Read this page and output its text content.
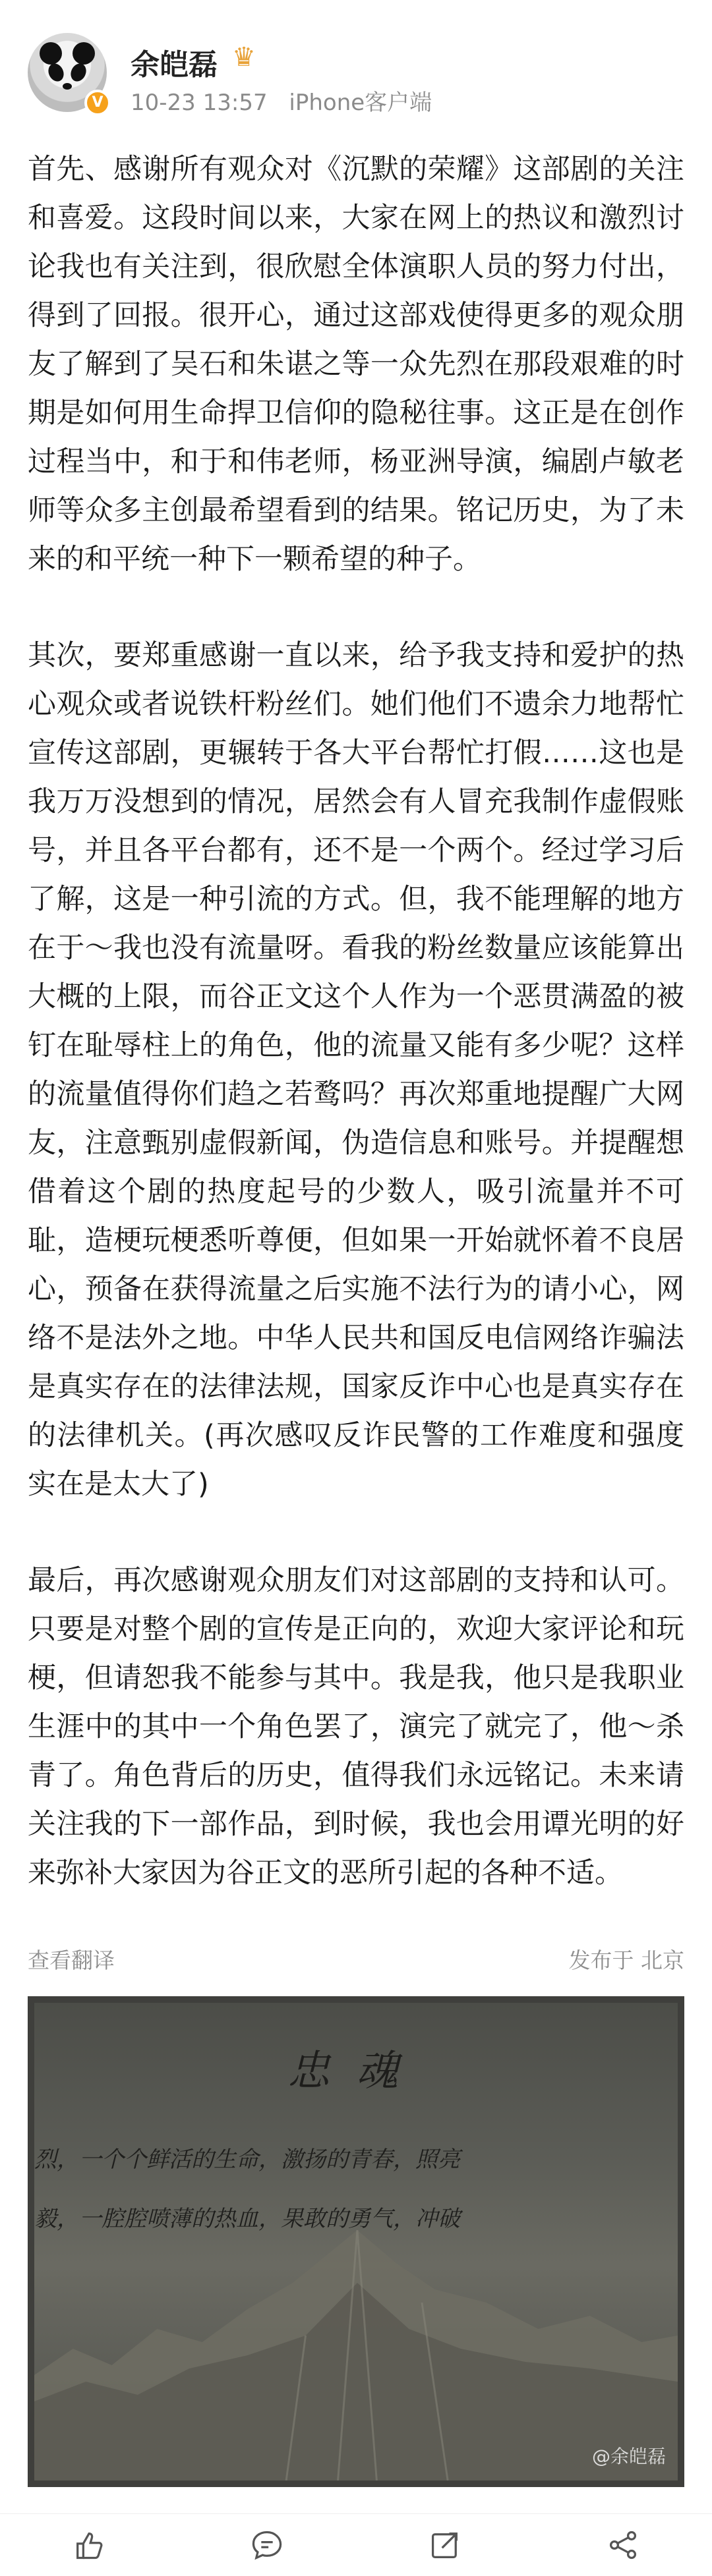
V
余皑磊 ♛
10-23 13:57 iPhone客户端

首先、感谢所有观众对《沉默的荣耀》这部剧的关注和喜爱。这段时间以来，大家在网上的热议和激烈讨论我也有关注到，很欣慰全体演职人员的努力付出，得到了回报。很开心，通过这部戏使得更多的观众朋友了解到了吴石和朱谌之等一众先烈在那段艰难的时期是如何用生命捍卫信仰的隐秘往事。这正是在创作过程当中，和于和伟老师，杨亚洲导演，编剧卢敏老师等众多主创最希望看到的结果。铭记历史，为了未来的和平统一种下一颗希望的种子。

其次，要郑重感谢一直以来，给予我支持和爱护的热心观众或者说铁杆粉丝们。她们他们不遗余力地帮忙宣传这部剧，更辗转于各大平台帮忙打假……这也是我万万没想到的情况，居然会有人冒充我制作虚假账号，并且各平台都有，还不是一个两个。经过学习后了解，这是一种引流的方式。但，我不能理解的地方在于～我也没有流量呀。看我的粉丝数量应该能算出大概的上限，而谷正文这个人作为一个恶贯满盈的被钉在耻辱柱上的角色，他的流量又能有多少呢？这样的流量值得你们趋之若鹜吗？再次郑重地提醒广大网友，注意甄别虚假新闻，伪造信息和账号。并提醒想借着这个剧的热度起号的少数人，吸引流量并不可耻，造梗玩梗悉听尊便，但如果一开始就怀着不良居心，预备在获得流量之后实施不法行为的请小心，网络不是法外之地。中华人民共和国反电信网络诈骗法是真实存在的法律法规，国家反诈中心也是真实存在的法律机关。(再次感叹反诈民警的工作难度和强度实在是太大了)

最后，再次感谢观众朋友们对这部剧的支持和认可。只要是对整个剧的宣传是正向的，欢迎大家评论和玩梗，但请恕我不能参与其中。我是我，他只是我职业生涯中的其中一个角色罢了，演完了就完了，他～杀青了。角色背后的历史，值得我们永远铭记。未来请关注我的下一部作品，到时候，我也会用谭光明的好来弥补大家因为谷正文的恶所引起的各种不适。

查看翻译	发布于 北京
忠魂
烈，一个个鲜活的生命，激扬的青春，照亮
毅，一腔腔喷薄的热血，果敢的勇气，冲破
@余皑磊
